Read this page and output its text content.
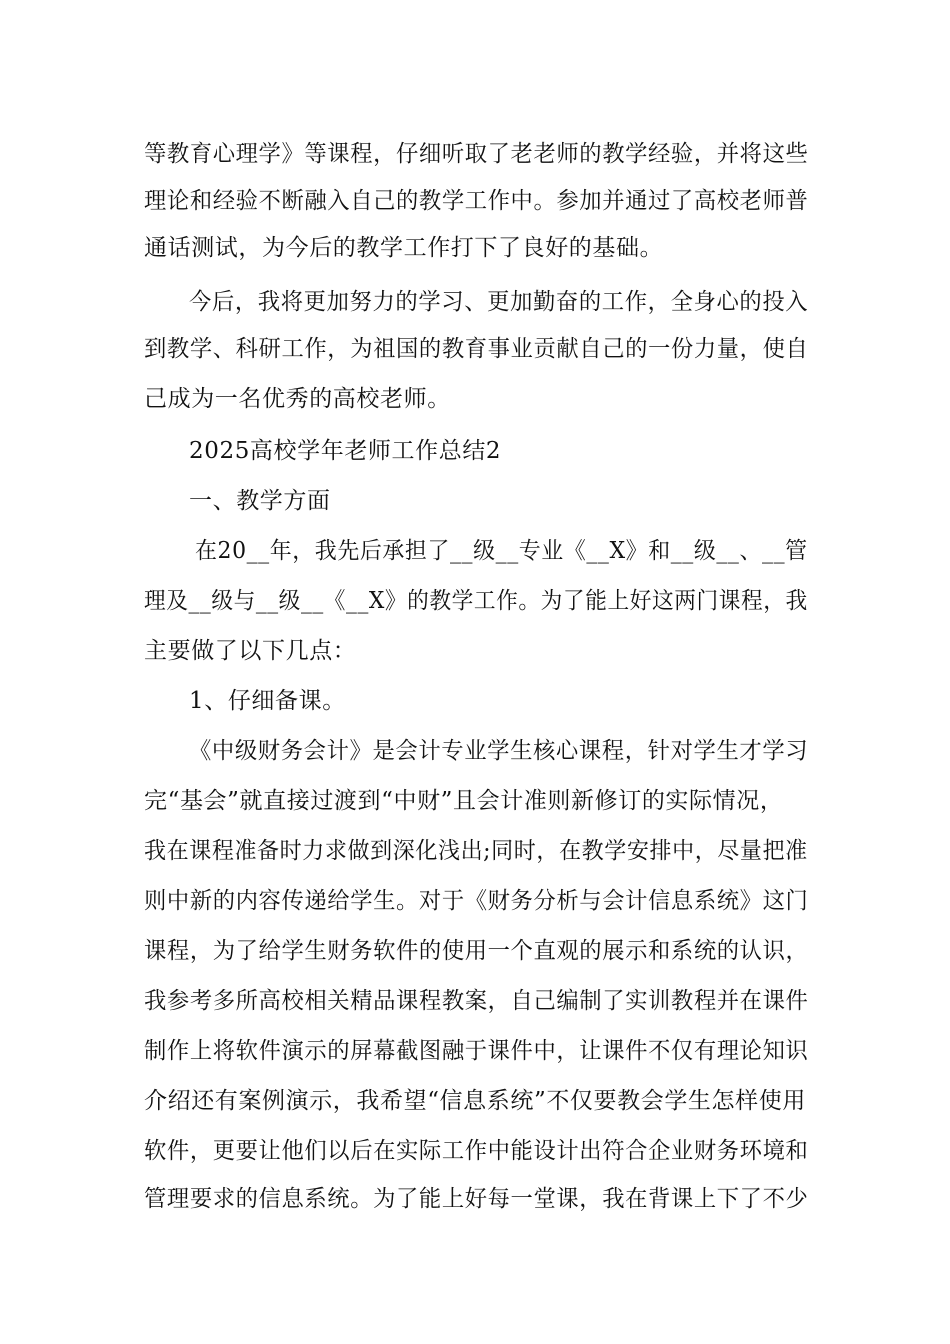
等教育心理学》等课程，仔细听取了老老师的教学经验，并将这些
理论和经验不断融入自己的教学工作中。参加并通过了高校老师普
通话测试，为今后的教学工作打下了良好的基础。
今后，我将更加努力的学习、更加勤奋的工作，全身心的投入
到教学、科研工作，为祖国的教育事业贡献自己的一份力量，使自
己成为一名优秀的高校老师。
2025高校学年老师工作总结2
一、教学方面
在20__年，我先后承担了__级__专业《__X》和__级__、__管
理及__级与__级__《__X》的教学工作。为了能上好这两门课程，我
主要做了以下几点：
1、仔细备课。
《中级财务会计》是会计专业学生核心课程，针对学生才学习
完“基会”就直接过渡到“中财”且会计准则新修订的实际情况，
我在课程准备时力求做到深化浅出;同时，在教学安排中，尽量把准
则中新的内容传递给学生。对于《财务分析与会计信息系统》这门
课程，为了给学生财务软件的使用一个直观的展示和系统的认识，
我参考多所高校相关精品课程教案，自己编制了实训教程并在课件
制作上将软件演示的屏幕截图融于课件中，让课件不仅有理论知识
介绍还有案例演示，我希望“信息系统”不仅要教会学生怎样使用
软件，更要让他们以后在实际工作中能设计出符合企业财务环境和
管理要求的信息系统。为了能上好每一堂课，我在背课上下了不少
